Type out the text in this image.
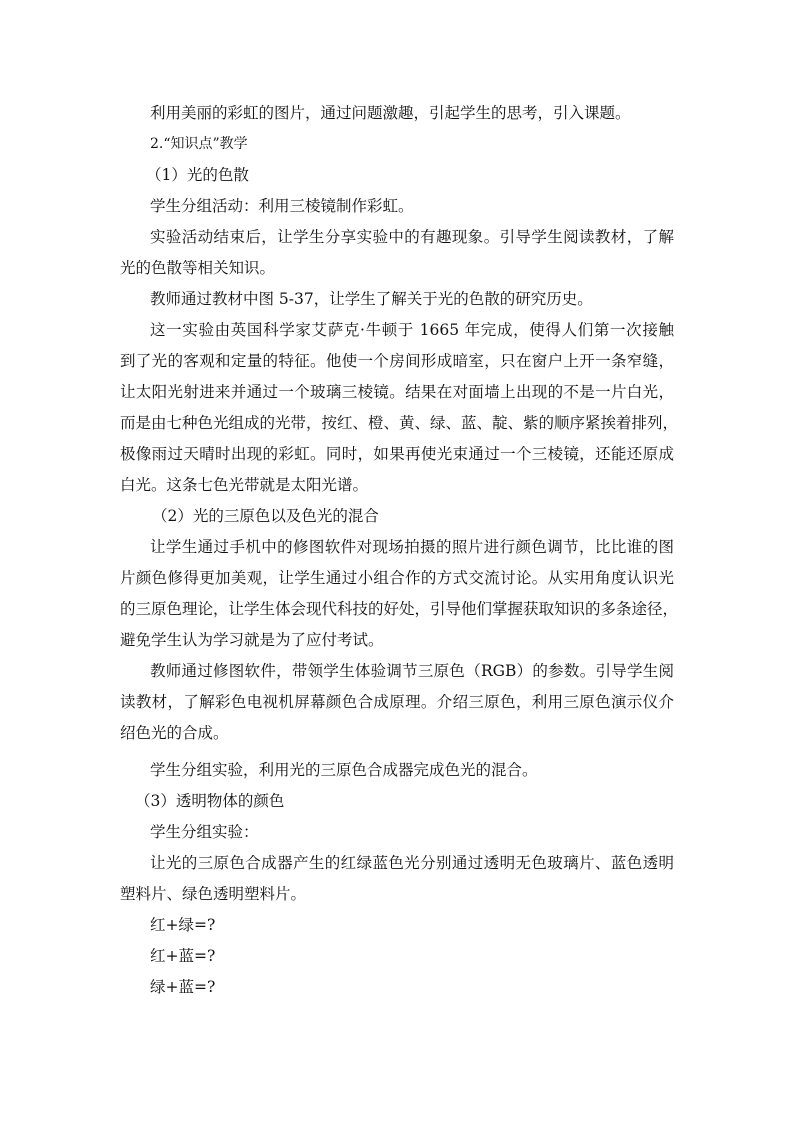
利用美丽的彩虹的图片，通过问题激趣，引起学生的思考，引入课题。
2.“知识点”教学
（1）光的色散
学生分组活动：利用三棱镜制作彩虹。
实验活动结束后，让学生分享实验中的有趣现象。引导学生阅读教材，了解
光的色散等相关知识。
教师通过教材中图 5-37，让学生了解关于光的色散的研究历史。
这一实验由英国科学家艾萨克·牛顿于 1665 年完成，使得人们第一次接触
到了光的客观和定量的特征。他使一个房间形成暗室，只在窗户上开一条窄缝，
让太阳光射进来并通过一个玻璃三棱镜。结果在对面墙上出现的不是一片白光，
而是由七种色光组成的光带，按红、橙、黄、绿、蓝、靛、紫的顺序紧挨着排列，
极像雨过天晴时出现的彩虹。同时，如果再使光束通过一个三棱镜，还能还原成
白光。这条七色光带就是太阳光谱。
（2）光的三原色以及色光的混合
让学生通过手机中的修图软件对现场拍摄的照片进行颜色调节，比比谁的图
片颜色修得更加美观，让学生通过小组合作的方式交流讨论。从实用角度认识光
的三原色理论，让学生体会现代科技的好处，引导他们掌握获取知识的多条途径，
避免学生认为学习就是为了应付考试。
教师通过修图软件，带领学生体验调节三原色（RGB）的参数。引导学生阅
读教材，了解彩色电视机屏幕颜色合成原理。介绍三原色，利用三原色演示仪介
绍色光的合成。
学生分组实验，利用光的三原色合成器完成色光的混合。
（3）透明物体的颜色
学生分组实验：
让光的三原色合成器产生的红绿蓝色光分别通过透明无色玻璃片、蓝色透明
塑料片、绿色透明塑料片。
红+绿=?
红+蓝=?
绿+蓝=?
